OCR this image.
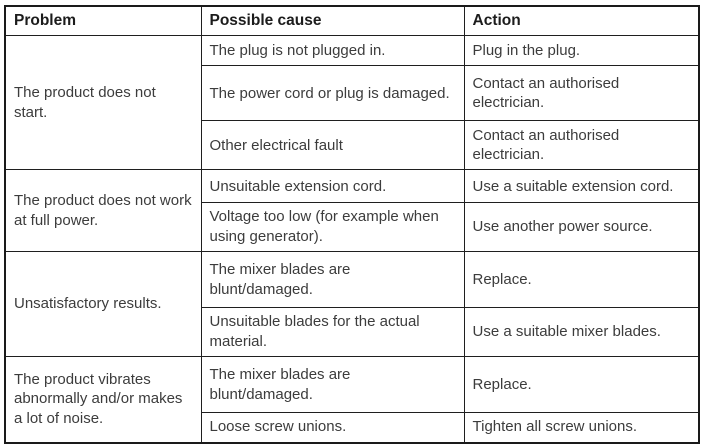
Problem	Possible cause	Action
The product does not start.	The plug is not plugged in.	Plug in the plug.
	The power cord or plug is damaged.	Contact an authorised electrician.
	Other electrical fault	Contact an authorised electrician.
The product does not work at full power.	Unsuitable extension cord.	Use a suitable extension cord.
	Voltage too low (for example when using generator).	Use another power source.
Unsatisfactory results.	The mixer blades are blunt/damaged.	Replace.
	Unsuitable blades for the actual material.	Use a suitable mixer blades.
The product vibrates abnormally and/or makes a lot of noise.	The mixer blades are blunt/damaged.	Replace.
	Loose screw unions.	Tighten all screw unions.
